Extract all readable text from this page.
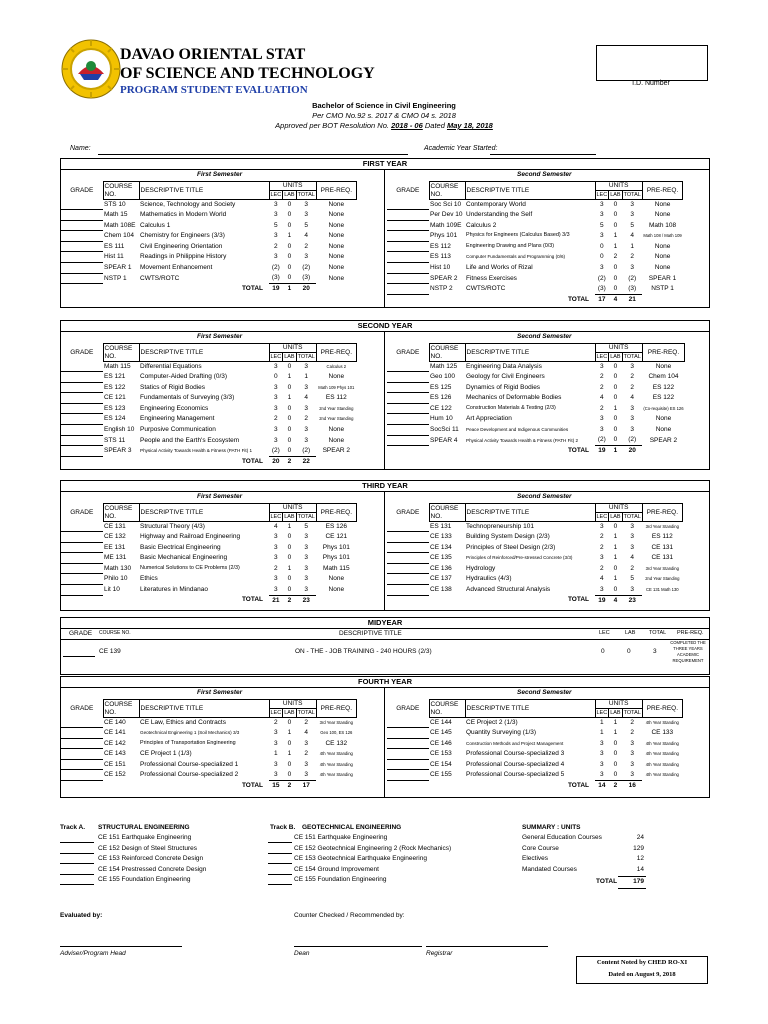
DAVAO ORIENTAL STAT
OF SCIENCE AND TECHNOLOGY
PROGRAM STUDENT EVALUATION
I.D. Number
Bachelor of Science in Civil Engineering
Per CMO No.92 s. 2017 & CMO 04 s. 2018
Approved per BOT Resolution No. 2018 - 06 Dated May 18, 2018
Name:	Academic Year Started:
FIRST YEAR
First Semester	Second Semester
GRADE	COURSE
NO.	DESCRIPTIVE TITLE	UNITS			PRE-REQ.
			LEC	LAB	TOTAL	
	STS 10	Science, Technology and Society	3	0	3	None
	Math 15	Mathematics in Modern World	3	0	3	None
	Math 108E	Calculus 1	5	0	5	None
	Chem 104	Chemistry for Engineers (3/3)	3	1	4	None
	ES 111	Civil Engineering Orientation	2	0	2	None
	Hist 11	Readings in Philippine History	3	0	3	None
	SPEAR 1	Movement Enhancement	(2)	0	(2)	None
	NSTP 1	CWTS/ROTC	(3)	0	(3)	None
		TOTAL	19	1	20	
GRADE	COURSE
NO.	DESCRIPTIVE TITLE	UNITS			PRE-REQ.
			LEC	LAB	TOTAL	
	Soc Sci 10	Contemporary World	3	0	3	None
	Per Dev 10	Understanding the Self	3	0	3	None
	Math 109E	Calculus 2	5	0	5	Math 108
	Phys 101	Physics for Engineers (Calculus Based) 3/3	3	1	4	Math 108 / Math 109
	ES 112	Engineering Drawing and Plans (0/3)	0	1	1	None
	ES 113	Computer Fundamentals and Programming (0/6)	0	2	2	None
	Hist 10	Life and Works of Rizal	3	0	3	None
	SPEAR 2	Fitness Exercises	(2)	0	(2)	SPEAR 1
	NSTP 2	CWTS/ROTC	(3)	0	(3)	NSTP 1
		TOTAL	17	4	21	
SECOND YEAR
First Semester	Second Semester
GRADE	COURSE
NO.	DESCRIPTIVE TITLE	UNITS			PRE-REQ.
			LEC	LAB	TOTAL	
	Math 115	Differential Equations	3	0	3	Calculus 2
	ES 121	Computer-Aided Drafting (0/3)	0	1	1	None
	ES 122	Statics of Rigid Bodies	3	0	3	Math 109 Phys 101
	CE 121	Fundamentals of Surveying (3/3)	3	1	4	ES 112
	ES 123	Engineering Economics	3	0	3	2nd Year Standing
	ES 124	Engineering Management	2	0	2	2nd Year Standing
	English 10	Purposive Communication	3	0	3	None
	STS 11	People and the Earth's Ecosystem	3	0	3	None
	SPEAR 3	Physical Activity Towards Health & Fitness (PATH Fit) 1	(2)	0	(2)	SPEAR 2
		TOTAL	20	2	22	
GRADE	COURSE
NO.	DESCRIPTIVE TITLE	UNITS			PRE-REQ.
			LEC	LAB	TOTAL	
	Math 125	Engineering Data Analysis	3	0	3	None
	Geo 100	Geology for Civil Engineers	2	0	2	Chem 104
	ES 125	Dynamics of Rigid Bodies	2	0	2	ES 122
	ES 126	Mechanics of Deformable Bodies	4	0	4	ES 122
	CE 122	Construction Materials & Testing (2/3)	2	1	3	(Co-requisite) ES 126
	Hum 10	Art Appreciation	3	0	3	None
	SocSci 11	Peace Development and Indigenous Communities	3	0	3	None
	SPEAR 4	Physical Activity Towards Health & Fitness (PATH Fit) 2	(2)	0	(2)	SPEAR 2
		TOTAL	19	1	20	
THIRD YEAR
First Semester	Second Semester
GRADE	COURSE
NO.	DESCRIPTIVE TITLE	UNITS			PRE-REQ.
			LEC	LAB	TOTAL	
	CE 131	Structural Theory (4/3)	4	1	5	ES 126
	CE 132	Highway and Railroad Engineering	3	0	3	CE 121
	EE 131	Basic Electrical Engineering	3	0	3	Phys 101
	ME 131	Basic Mechanical Engineering	3	0	3	Phys 101
	Math 130	Numerical Solutions to CE Problems (2/3)	2	1	3	Math 115
	Philo 10	Ethics	3	0	3	None
	Lit 10	Literatures in Mindanao	3	0	3	None
		TOTAL	21	2	23	
GRADE	COURSE
NO.	DESCRIPTIVE TITLE	UNITS			PRE-REQ.
			LEC	LAB	TOTAL	
	ES 131	Technopreneurship 101	3	0	3	3rd Year Standing
	CE 133	Building System Design (2/3)	2	1	3	ES 112
	CE 134	Principles of Steel Design (2/3)	2	1	3	CE 131
	CE 135	Principles of Reinforced/Pre-stressed Concrete (3/3)	3	1	4	CE 131
	CE 136	Hydrology	2	0	2	3rd Year Standing
	CE 137	Hydraulics (4/3)	4	1	5	2nd Year Standing
	CE 138	Advanced Structural Analysis	3	0	3	CE 131 Math 130
		TOTAL	19	4	23	
FOURTH YEAR
First Semester	Second Semester
GRADE	COURSE
NO.	DESCRIPTIVE TITLE	UNITS			PRE-REQ.
			LEC	LAB	TOTAL	
	CE 140	CE Law, Ethics and Contracts	2	0	2	3rd Year Standing
	CE 141	Geotechnical Engineering 1 (Soil Mechanics) 3/3	3	1	4	Geo 100, ES 126
	CE 142	Principles of Transportation Engineering	3	0	3	CE 132
	CE 143	CE Project 1 (1/3)	1	1	2	4th Year Standing
	CE 151	Professional Course-specialized 1	3	0	3	4th Year Standing
	CE 152	Professional Course-specialized 2	3	0	3	4th Year Standing
		TOTAL	15	2	17	
GRADE	COURSE
NO.	DESCRIPTIVE TITLE	UNITS			PRE-REQ.
			LEC	LAB	TOTAL	
	CE 144	CE Project 2 (1/3)	1	1	2	4th Year Standing
	CE 145	Quantity Surveying (1/3)	1	1	2	CE 133
	CE 146	Construction Methods and Project Management	3	0	3	4th Year Standing
	CE 153	Professional Course-specialized 3	3	0	3	4th Year Standing
	CE 154	Professional Course-specialized 4	3	0	3	4th Year Standing
	CE 155	Professional Course-specialized 5	3	0	3	4th Year Standing
		TOTAL	14	2	16	
Track A. STRUCTURAL ENGINEERING	Track B. GEOTECHNICAL ENGINEERING	SUMMARY : UNITS
CE 151 Earthquake Engineering
CE 152 Design of Steel Structures
CE 153 Reinforced Concrete Design
CE 154 Prestressed Concrete Design
CE 155 Foundation Engineering
CE 151 Earthquake Engineering
CE 152 Geotechnical Engineering 2 (Rock Mechanics)
CE 153 Geotechnical Earthquake Engineering
CE 154 Ground Improvement
CE 155 Foundation Engineering
General Education Courses	24
Core Course	129
Electives	12
Mandated Courses	14
TOTAL	179
Evaluated by:	Counter Checked / Recommended by:
Adviser/Program Head	Dean	Registrar
Content Noted by CHED RO-XI
Dated on August 9, 2018
MIDYEAR
GRADE COURSE NO.	DESCRIPTIVE TITLE	LEC	LAB TOTAL PRE-REQ.
CE 139	ON - THE - JOB TRAINING - 240 HOURS (2/3)	0	0	3
COMPLETED THE THREE YEARS ACADEMIC REQUIREMENT
